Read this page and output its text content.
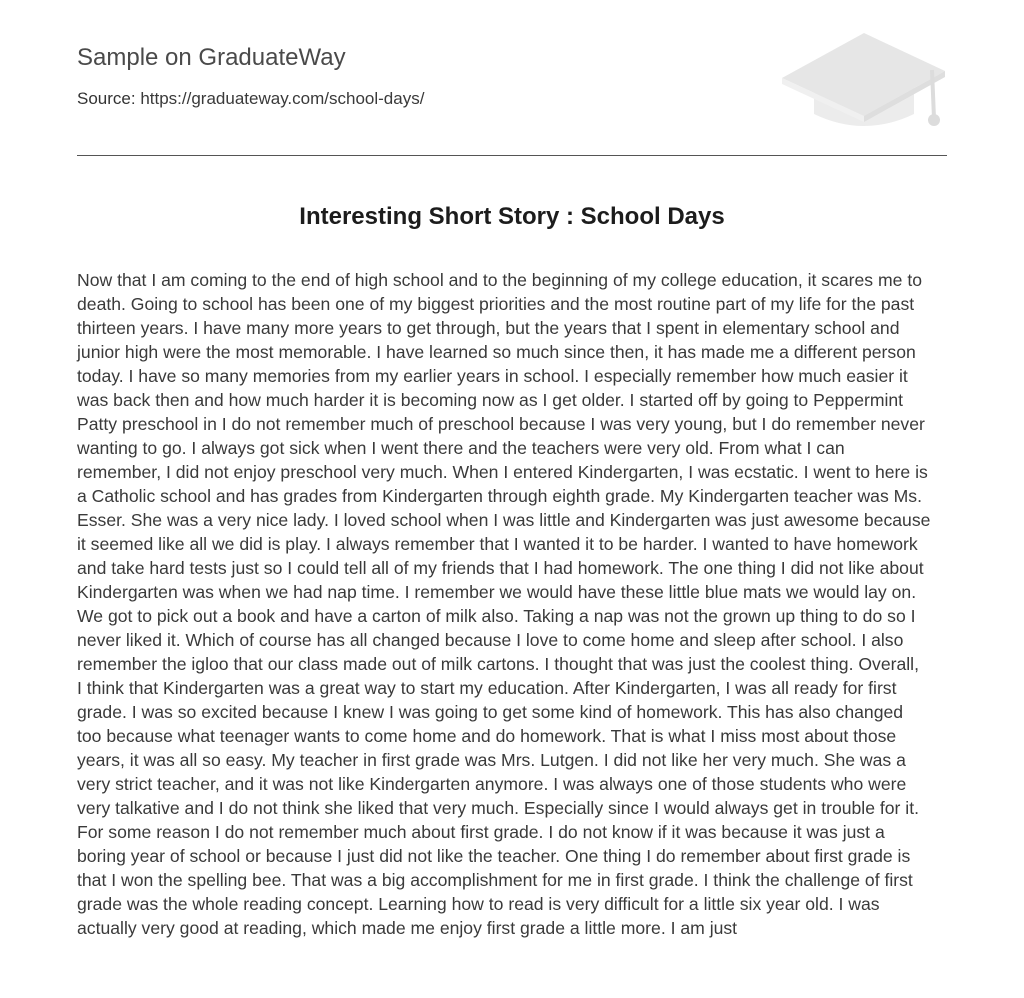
Sample on GraduateWay
Source: https://graduateway.com/school-days/
Interesting Short Story : School Days

Now that I am coming to the end of high school and to the beginning of my college education, it scares me to
death. Going to school has been one of my biggest priorities and the most routine part of my life for the past
thirteen years. I have many more years to get through, but the years that I spent in elementary school and
junior high were the most memorable. I have learned so much since then, it has made me a different person
today. I have so many memories from my earlier years in school. I especially remember how much easier it
was back then and how much harder it is becoming now as I get older. I started off by going to Peppermint
Patty preschool in I do not remember much of preschool because I was very young, but I do remember never
wanting to go. I always got sick when I went there and the teachers were very old. From what I can
remember, I did not enjoy preschool very much. When I entered Kindergarten, I was ecstatic. I went to here is
a Catholic school and has grades from Kindergarten through eighth grade. My Kindergarten teacher was Ms.
Esser. She was a very nice lady. I loved school when I was little and Kindergarten was just awesome because
it seemed like all we did is play. I always remember that I wanted it to be harder. I wanted to have homework
and take hard tests just so I could tell all of my friends that I had homework. The one thing I did not like about
Kindergarten was when we had nap time. I remember we would have these little blue mats we would lay on.
We got to pick out a book and have a carton of milk also. Taking a nap was not the grown up thing to do so I
never liked it. Which of course has all changed because I love to come home and sleep after school. I also
remember the igloo that our class made out of milk cartons. I thought that was just the coolest thing. Overall,
I think that Kindergarten was a great way to start my education. After Kindergarten, I was all ready for first
grade. I was so excited because I knew I was going to get some kind of homework. This has also changed
too because what teenager wants to come home and do homework. That is what I miss most about those
years, it was all so easy. My teacher in first grade was Mrs. Lutgen. I did not like her very much. She was a
very strict teacher, and it was not like Kindergarten anymore. I was always one of those students who were
very talkative and I do not think she liked that very much. Especially since I would always get in trouble for it.
For some reason I do not remember much about first grade. I do not know if it was because it was just a
boring year of school or because I just did not like the teacher. One thing I do remember about first grade is
that I won the spelling bee. That was a big accomplishment for me in first grade. I think the challenge of first
grade was the whole reading concept. Learning how to read is very difficult for a little six year old. I was
actually very good at reading, which made me enjoy first grade a little more. I am just
